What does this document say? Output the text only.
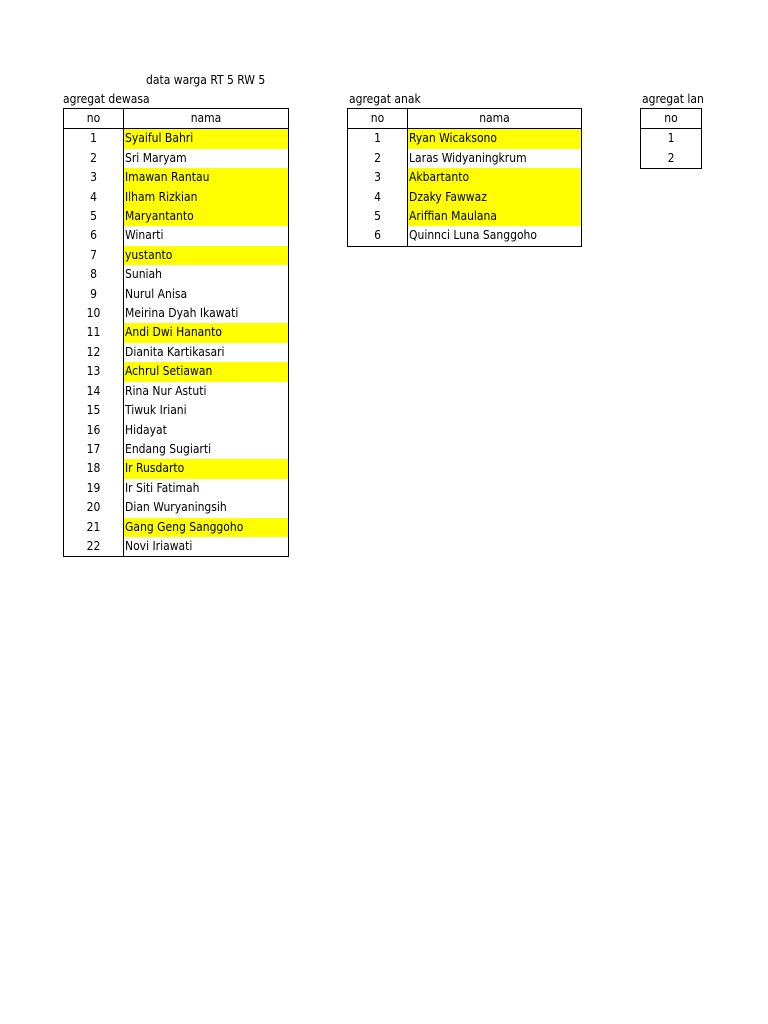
data warga RT 5 RW 5
agregat dewasa	agregat anak	agregat lan
no	nama
1	Syaiful Bahri
2	Sri Maryam
3	Imawan Rantau
4	Ilham Rizkian
5	Maryantanto
6	Winarti
7	yustanto
8	Suniah
9	Nurul Anisa
10	Meirina Dyah Ikawati
11	Andi Dwi Hananto
12	Dianita Kartikasari
13	Achrul Setiawan
14	Rina Nur Astuti
15	Tiwuk Iriani
16	Hidayat
17	Endang Sugiarti
18	Ir Rusdarto
19	Ir Siti Fatimah
20	Dian Wuryaningsih
21	Gang Geng Sanggoho
22	Novi Iriawati
no	nama
1	Ryan Wicaksono
2	Laras Widyaningkrum
3	Akbartanto
4	Dzaky Fawwaz
5	Ariffian Maulana
6	Quinnci Luna Sanggoho
no
1
2
